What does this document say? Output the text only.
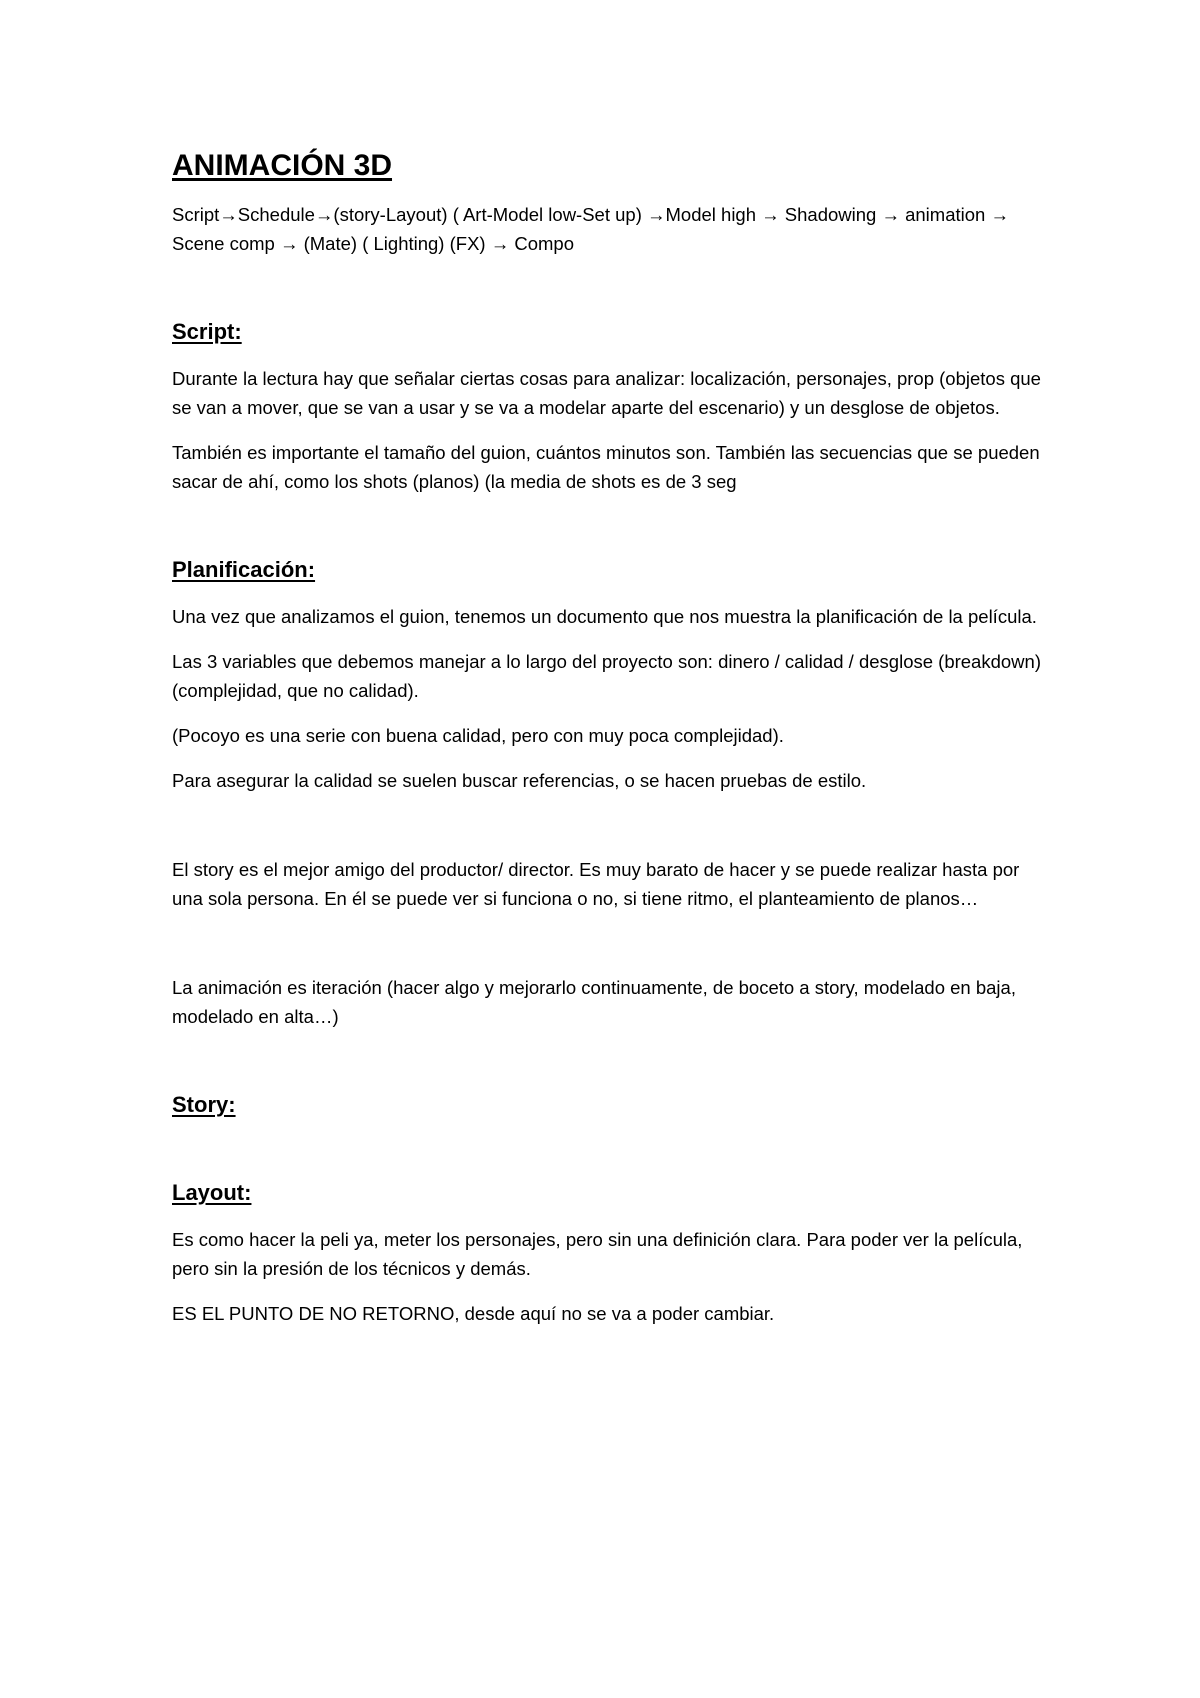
ANIMACIÓN 3D

Script→Schedule→(story-Layout) ( Art-Model low-Set up) →Model high → Shadowing → animation → Scene comp → (Mate) ( Lighting) (FX) → Compo

Script:

Durante la lectura hay que señalar ciertas cosas para analizar: localización, personajes, prop (objetos que se van a mover, que se van a usar y se va a modelar aparte del escenario) y un desglose de objetos.

También es importante el tamaño del guion, cuántos minutos son. También las secuencias que se pueden sacar de ahí, como los shots (planos) (la media de shots es de 3 seg

Planificación:

Una vez que analizamos el guion, tenemos un documento que nos muestra la planificación de la película.

Las 3 variables que debemos manejar a lo largo del proyecto son: dinero / calidad / desglose (breakdown) (complejidad, que no calidad).

(Pocoyo es una serie con buena calidad, pero con muy poca complejidad).

Para asegurar la calidad se suelen buscar referencias, o se hacen pruebas de estilo.

El story es el mejor amigo del productor/ director. Es muy barato de hacer y se puede realizar hasta por una sola persona. En él se puede ver si funciona o no, si tiene ritmo, el planteamiento de planos…

La animación es iteración (hacer algo y mejorarlo continuamente, de boceto a story, modelado en baja, modelado en alta…)

Story:
Layout:

Es como hacer la peli ya, meter los personajes, pero sin una definición clara. Para poder ver la película, pero sin la presión de los técnicos y demás.

ES EL PUNTO DE NO RETORNO, desde aquí no se va a poder cambiar.
